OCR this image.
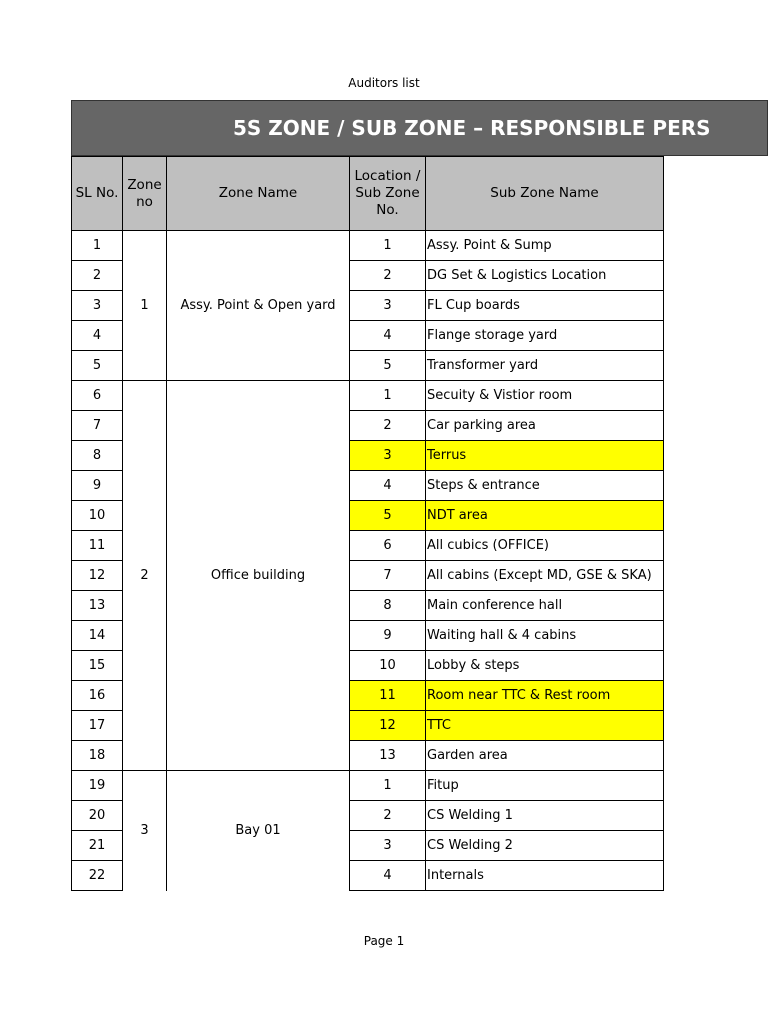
Auditors list
5S ZONE / SUB ZONE – RESPONSIBLE PERS
SL No.	Zone no	Zone Name	Location / Sub Zone No.	Sub Zone Name
1	1	Assy. Point & Open yard	1	Assy. Point & Sump
2			2	DG Set & Logistics Location
3			3	FL Cup boards
4			4	Flange storage yard
5			5	Transformer yard
6	2	Office building	1	Secuity & Vistior room
7			2	Car parking area
8			3	Terrus
9			4	Steps & entrance
10			5	NDT area
11			6	All cubics (OFFICE)
12			7	All cabins (Except MD, GSE & SKA)
13			8	Main conference hall
14			9	Waiting hall & 4 cabins
15			10	Lobby & steps
16			11	Room near TTC & Rest room
17			12	TTC
18			13	Garden area
19	3	Bay 01	1	Fitup
20			2	CS Welding 1
21			3	CS Welding 2
22			4	Internals
Page 1
